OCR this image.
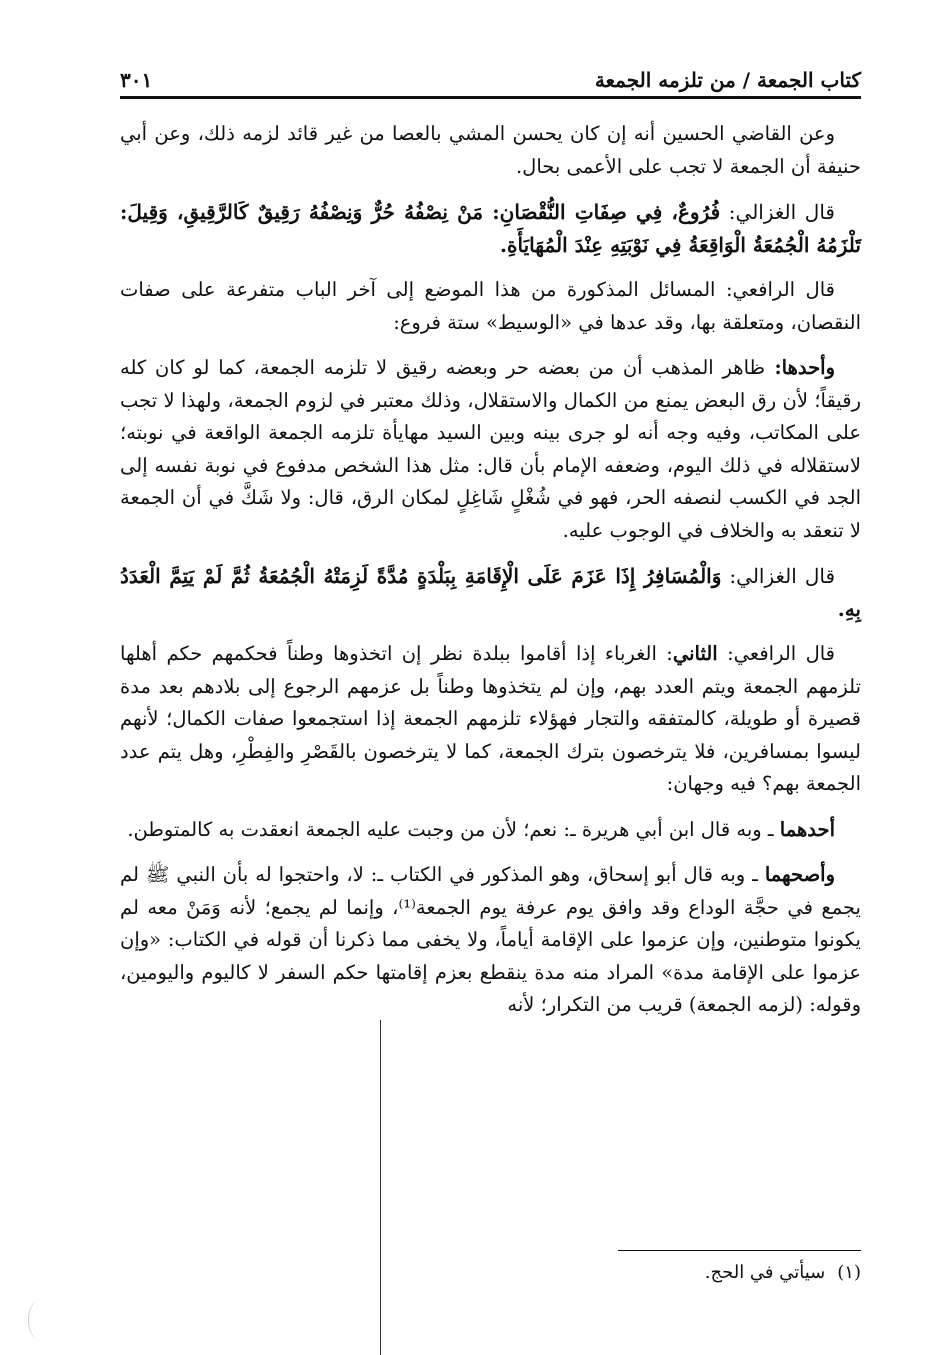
كتاب الجمعة / من تلزمه الجمعة
٣٠١

وعن القاضي الحسين أنه إن كان يحسن المشي بالعصا من غير قائد لزمه ذلك، وعن أبي حنيفة أن الجمعة لا تجب على الأعمى بحال.

قال الغزالي: فُرُوعٌ، فِي صِفَاتِ النُّقْصَانِ: مَنْ نِصْفُهُ حُرٌّ وَنِصْفُهُ رَقِيقٌ كَالرَّقِيقِ، وَقِيلَ: تَلْزَمُهُ الْجُمُعَةُ الْوَاقِعَةُ فِي نَوْبَتِهِ عِنْدَ الْمُهَايَأَةِ.

قال الرافعي: المسائل المذكورة من هذا الموضع إلى آخر الباب متفرعة على صفات النقصان، ومتعلقة بها، وقد عدها في «الوسيط» ستة فروع:

وأحدها: ظاهر المذهب أن من بعضه حر وبعضه رقيق لا تلزمه الجمعة، كما لو كان كله رقيقاً؛ لأن رق البعض يمنع من الكمال والاستقلال، وذلك معتبر في لزوم الجمعة، ولهذا لا تجب على المكاتب، وفيه وجه أنه لو جرى بينه وبين السيد مهايأة تلزمه الجمعة الواقعة في نوبته؛ لاستقلاله في ذلك اليوم، وضعفه الإمام بأن قال: مثل هذا الشخص مدفوع في نوبة نفسه إلى الجد في الكسب لنصفه الحر، فهو في شُغْلٍ شَاغِلٍ لمكان الرق، قال: ولا شَكَّ في أن الجمعة لا تنعقد به والخلاف في الوجوب عليه.

قال الغزالي: وَالْمُسَافِرُ إِذَا عَزَمَ عَلَى الْإِقَامَةِ بِبَلْدَةٍ مُدَّةً لَزِمَتْهُ الْجُمُعَةُ ثُمَّ لَمْ يَتِمَّ الْعَدَدُ بِهِ.

قال الرافعي: الثاني: الغرباء إذا أقاموا ببلدة نظر إن اتخذوها وطناً فحكمهم حكم أهلها تلزمهم الجمعة ويتم العدد بهم، وإن لم يتخذوها وطناً بل عزمهم الرجوع إلى بلادهم بعد مدة قصيرة أو طويلة، كالمتفقه والتجار فهؤلاء تلزمهم الجمعة إذا استجمعوا صفات الكمال؛ لأنهم ليسوا بمسافرين، فلا يترخصون بترك الجمعة، كما لا يترخصون بالقَصْرِ والفِطْرِ، وهل يتم عدد الجمعة بهم؟ فيه وجهان:

أحدهما ـ وبه قال ابن أبي هريرة ـ: نعم؛ لأن من وجبت عليه الجمعة انعقدت به كالمتوطن.

وأصحهما ـ وبه قال أبو إسحاق، وهو المذكور في الكتاب ـ: لا، واحتجوا له بأن النبي ﷺ لم يجمع في حجَّة الوداع وقد وافق يوم عرفة يوم الجمعة⁽¹⁾، وإنما لم يجمع؛ لأنه وَمَنْ معه لم يكونوا متوطنين، وإن عزموا على الإقامة أياماً، ولا يخفى مما ذكرنا أن قوله في الكتاب: «وإن عزموا على الإقامة مدة» المراد منه مدة ينقطع بعزم إقامتها حكم السفر لا كاليوم واليومين، وقوله: (لزمه الجمعة) قريب من التكرار؛ لأنه

(١)سيأتي في الحج.
